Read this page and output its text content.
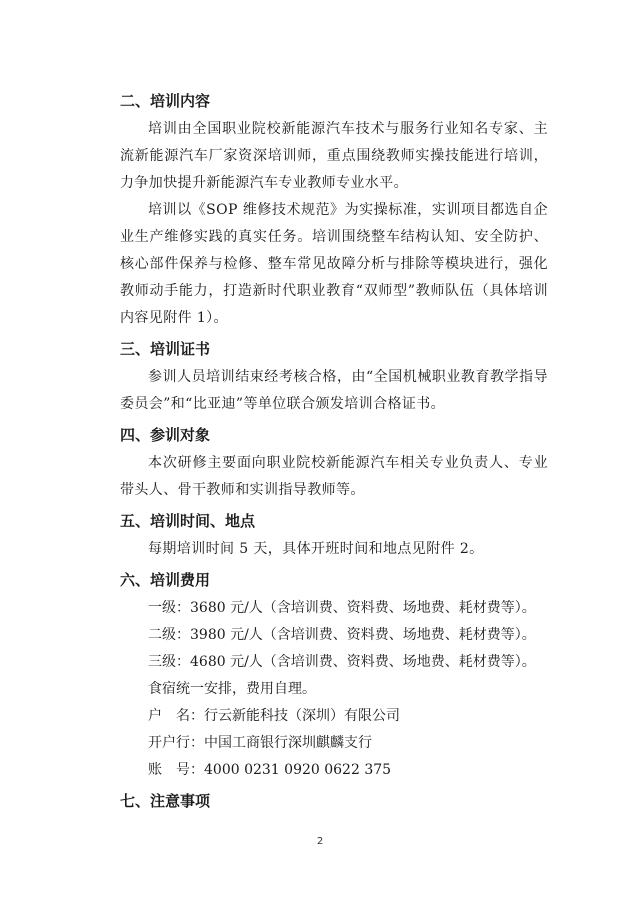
二、培训内容

培训由全国职业院校新能源汽车技术与服务行业知名专家、主流新能源汽车厂家资深培训师，重点围绕教师实操技能进行培训，力争加快提升新能源汽车专业教师专业水平。

培训以《SOP 维修技术规范》为实操标准，实训项目都选自企业生产维修实践的真实任务。培训围绕整车结构认知、安全防护、核心部件保养与检修、整车常见故障分析与排除等模块进行，强化教师动手能力，打造新时代职业教育“双师型”教师队伍（具体培训内容见附件 1）。

三、培训证书

参训人员培训结束经考核合格，由“全国机械职业教育教学指导委员会”和“比亚迪”等单位联合颁发培训合格证书。

四、参训对象

本次研修主要面向职业院校新能源汽车相关专业负责人、专业带头人、骨干教师和实训指导教师等。

五、培训时间、地点

每期培训时间 5 天，具体开班时间和地点见附件 2。

六、培训费用

一级：3680 元/人（含培训费、资料费、场地费、耗材费等）。

二级：3980 元/人（含培训费、资料费、场地费、耗材费等）。

三级：4680 元/人（含培训费、资料费、场地费、耗材费等）。

食宿统一安排，费用自理。

户　名：行云新能科技（深圳）有限公司

开户行：中国工商银行深圳麒麟支行

账　号：4000 0231 0920 0622 375

七、注意事项
2
